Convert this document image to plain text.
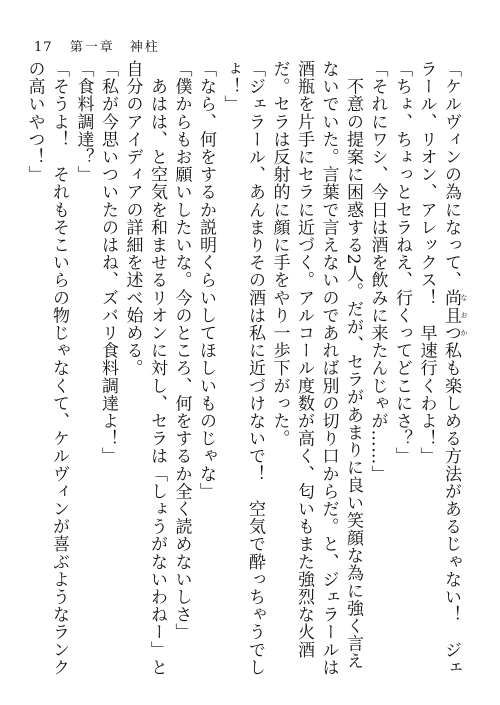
17 第一章　神柱

「ケルヴィンの為になって、尚且つ なおか私も楽しめる方法があるじゃない！　ジェラール、リオン、アレックス！　早速行くわよ！」

「ちょ、ちょっとセラねえ、行くってどこにさ？」

「それにワシ、今日は酒を飲みに来たんじゃが……」

　不意の提案に困惑する2人。だが、セラがあまりに良い笑顔な為に強く言えないでいた。言葉で言えないのであれば別の切り口からだ。と、ジェラールは酒瓶を片手にセラに近づく。アルコール度数が高く、匂いもまた強烈な火酒だ。セラは反射的に顔に手をやり一歩下がった。

「ジェラール、あんまりその酒は私に近づけないで！　空気で酔っちゃうでしょ！」

「なら、何をするか説明くらいしてほしいものじゃな」

「僕からもお願いしたいな。今のところ、何をするか全く読めないしさ」

　あはは、と空気を和ませるリオンに対し、セラは「しょうがないわねー」と自分のアイディアの詳細を述べ始める。

「私が今思いついたのはね、ズバリ食料調達よ！」

「食料調達？」

「そうよ！　それもそこいらの物じゃなくて、ケルヴィンが喜ぶようなランクの高いやつ！」
